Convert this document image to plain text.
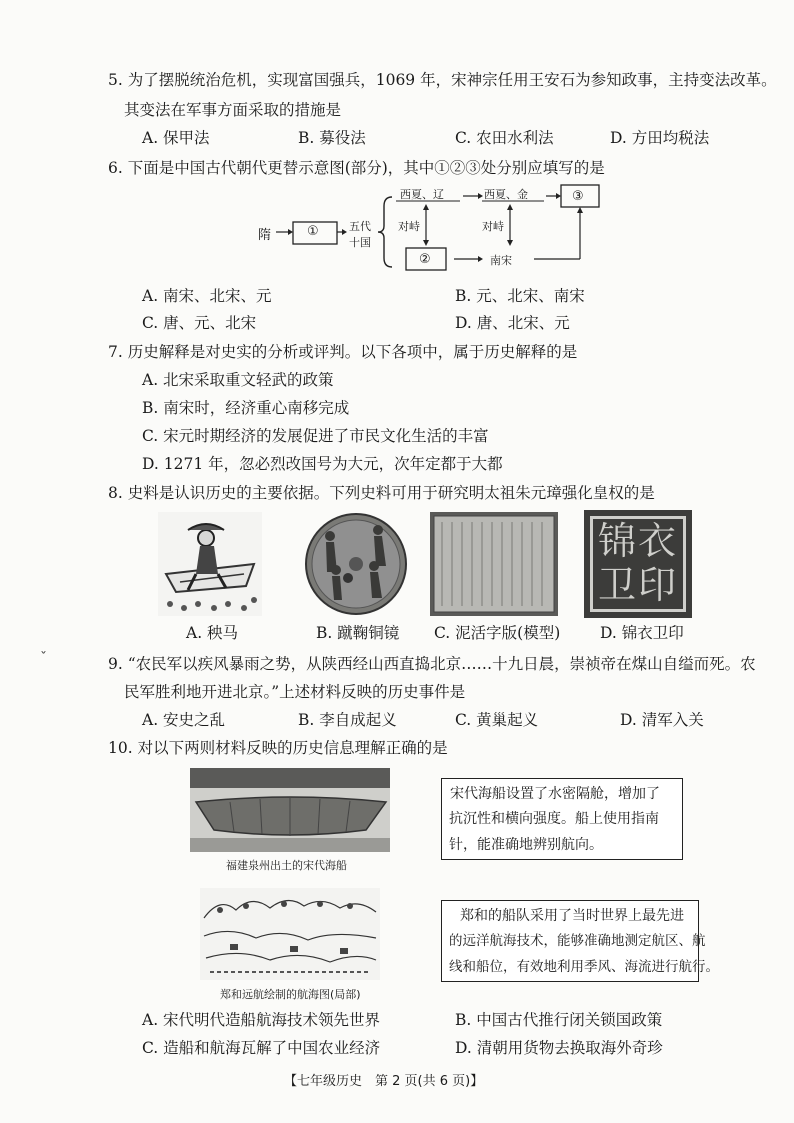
5. 为了摆脱统治危机，实现富国强兵，1069 年，宋神宗任用王安石为参知政事，主持变法改革。
其变法在军事方面采取的措施是
A. 保甲法	B. 募役法	C. 农田水利法	D. 方田均税法
6. 下面是中国古代朝代更替示意图(部分)，其中①②③处分别应填写的是
隋	①	五代
十国
西夏、辽	西夏、金	③
对峙	对峙
②	南宋
A. 南宋、北宋、元	B. 元、北宋、南宋
C. 唐、元、北宋	D. 唐、北宋、元
7. 历史解释是对史实的分析或评判。以下各项中，属于历史解释的是
A. 北宋采取重文轻武的政策
B. 南宋时，经济重心南移完成
C. 宋元时期经济的发展促进了市民文化生活的丰富
D. 1271 年，忽必烈改国号为大元，次年定都于大都
8. 史料是认识历史的主要依据。下列史料可用于研究明太祖朱元璋强化皇权的是
锦衣卫印
A. 秧马	B. 蹴鞠铜镜 C. 泥活字版(模型)	D. 锦衣卫印
ˇ	9. “农民军以疾风暴雨之势，从陕西经山西直捣北京……十九日晨，崇祯帝在煤山自缢而死。农
民军胜利地开进北京。”上述材料反映的历史事件是
A. 安史之乱	B. 李自成起义	C. 黄巢起义	D. 清军入关
10. 对以下两则材料反映的历史信息理解正确的是
福建泉州出土的宋代海船
宋代海船设置了水密隔舱，增加了
抗沉性和横向强度。船上使用指南
针，能准确地辨别航向。
郑和远航绘制的航海图(局部)
郑和的船队采用了当时世界上最先进
的远洋航海技术，能够准确地测定航区、航
线和船位，有效地利用季风、海流进行航行。
A. 宋代明代造船航海技术领先世界	B. 中国古代推行闭关锁国政策
C. 造船和航海瓦解了中国农业经济	D. 清朝用货物去换取海外奇珍
【七年级历史　第 2 页(共 6 页)】
